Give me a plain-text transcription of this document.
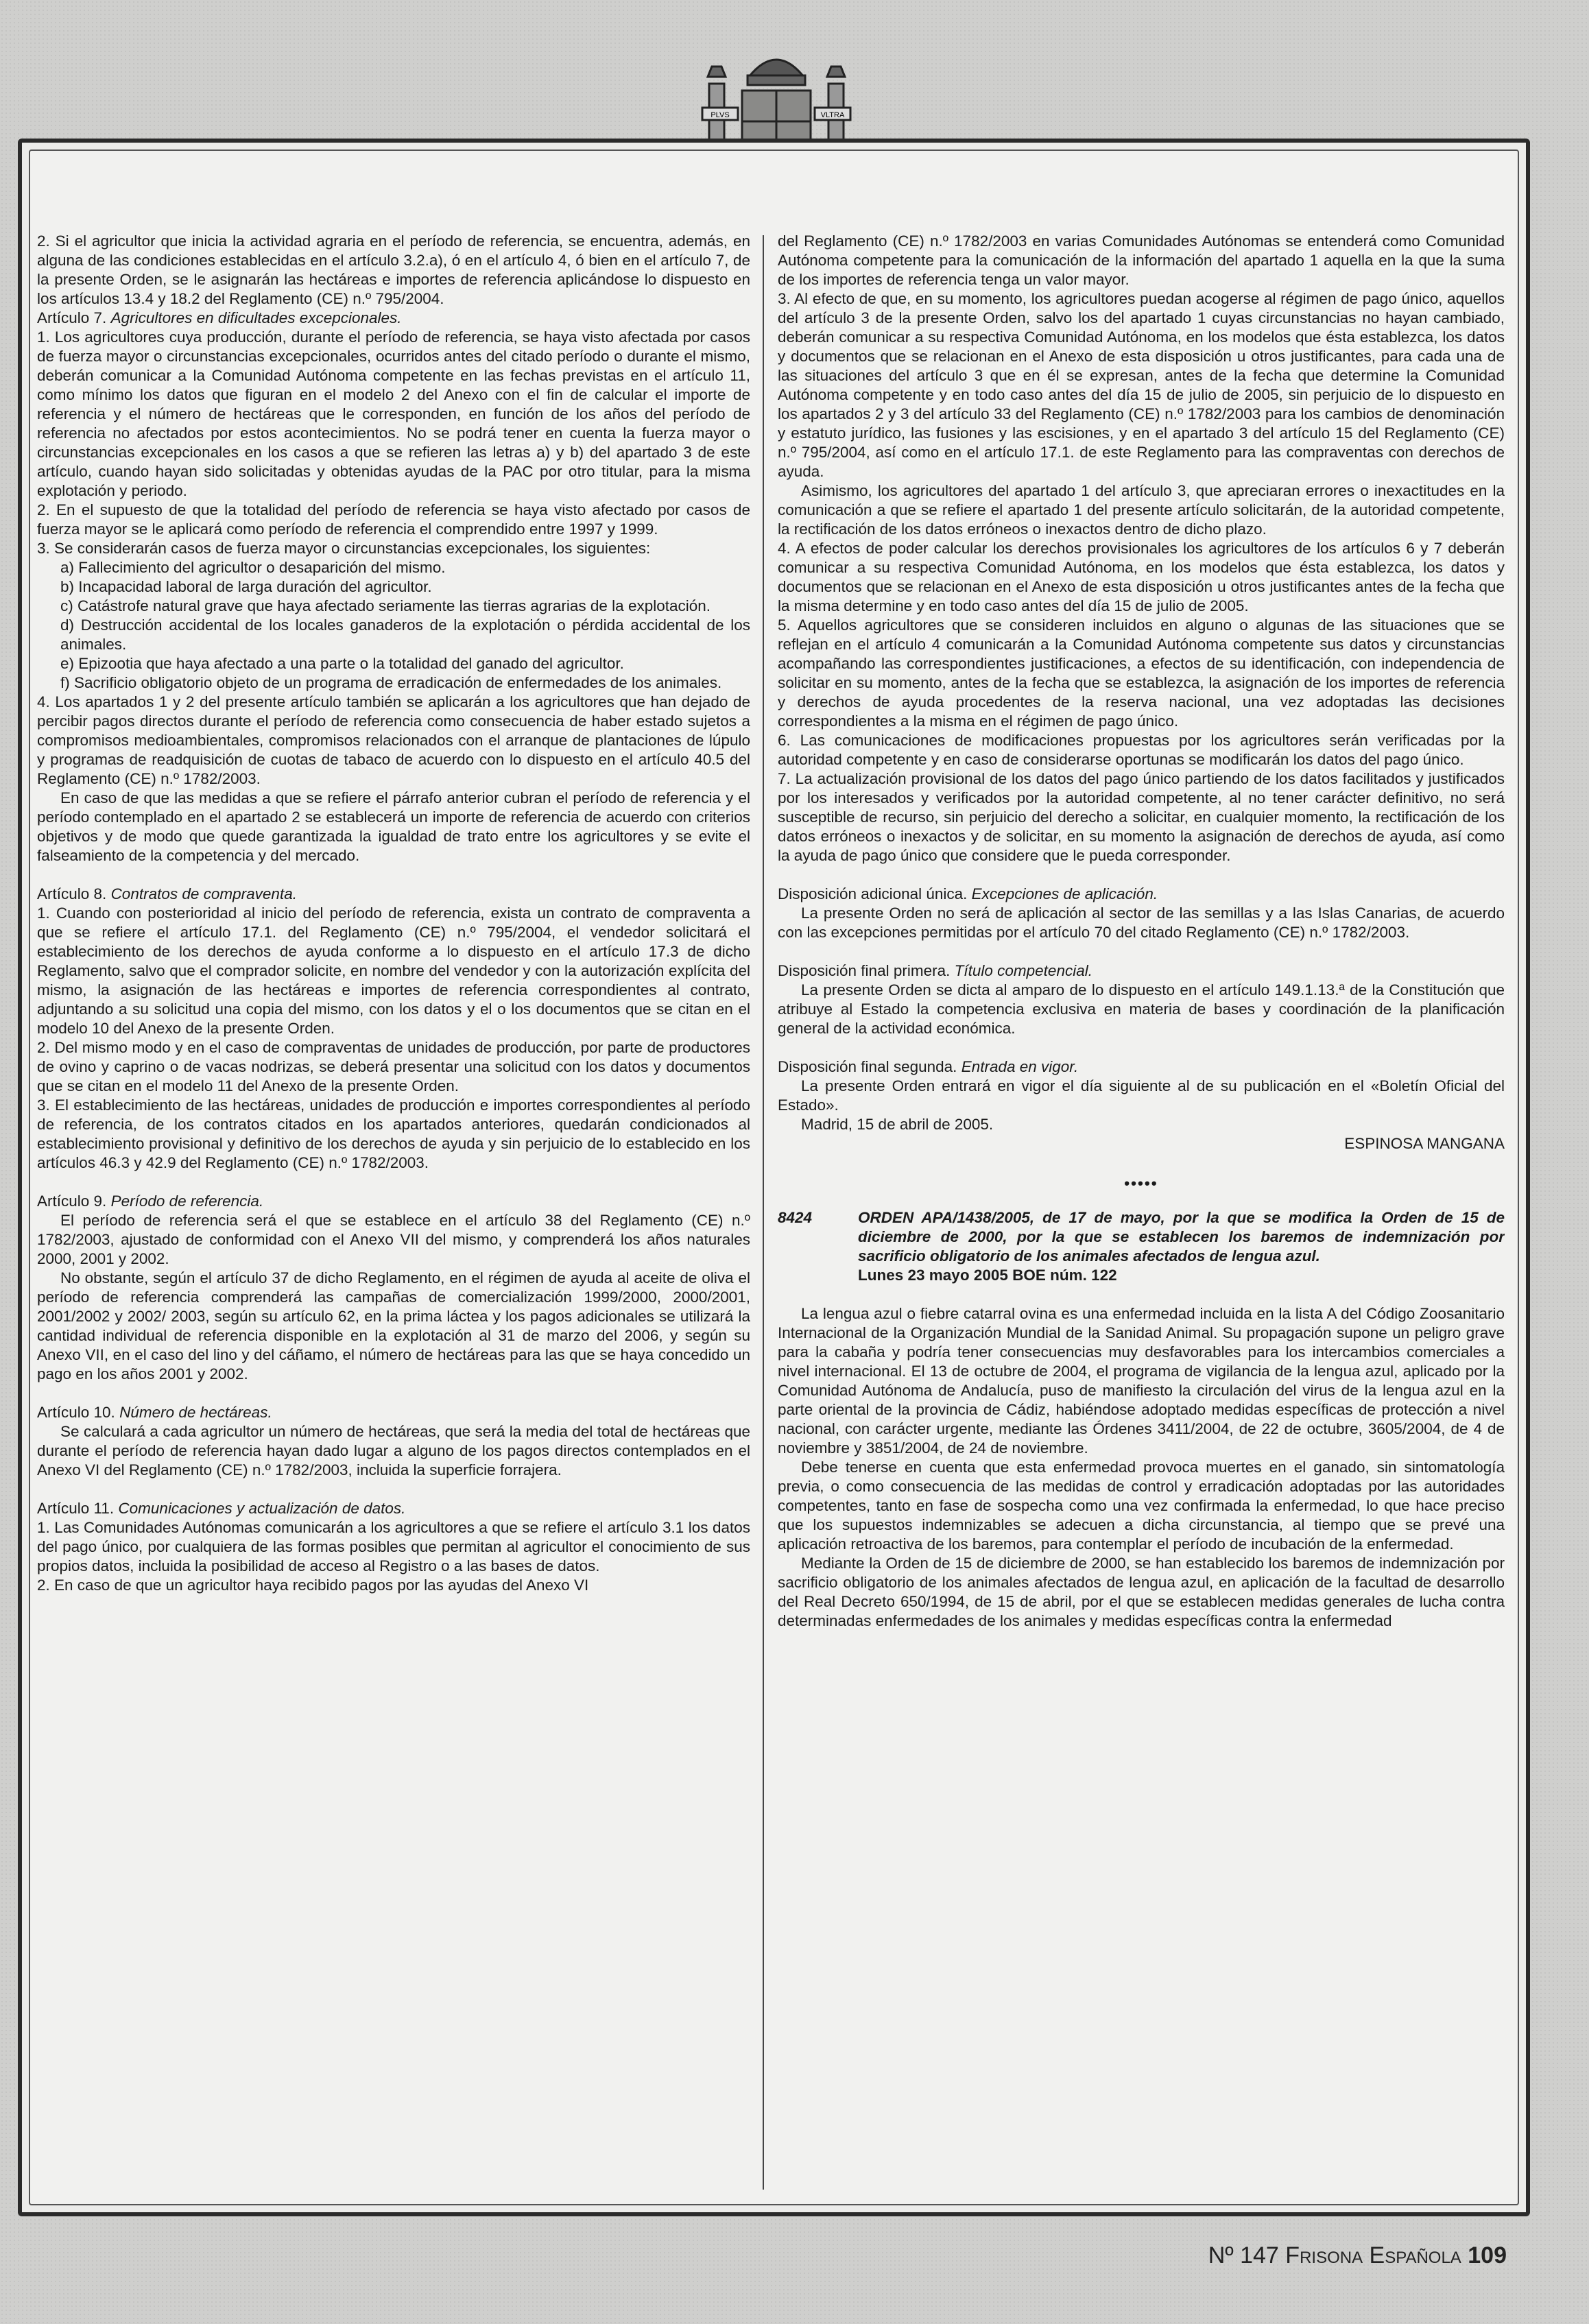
PLVS	VLTRA

2. Si el agricultor que inicia la actividad agraria en el período de referencia, se encuentra, además, en alguna de las condiciones establecidas en el artículo 3.2.a), ó en el artículo 4, ó bien en el artículo 7, de la presente Orden, se le asignarán las hectáreas e importes de referencia aplicándose lo dispuesto en los artículos 13.4 y 18.2 del Reglamento (CE) n.º 795/2004.

Artículo 7. Agricultores en dificultades excepcionales.

1. Los agricultores cuya producción, durante el período de referencia, se haya visto afectada por casos de fuerza mayor o circunstancias excepcionales, ocurridos antes del citado período o durante el mismo, deberán comunicar a la Comunidad Autónoma competente en las fechas previstas en el artículo 11, como mínimo los datos que figuran en el modelo 2 del Anexo con el fin de calcular el importe de referencia y el número de hectáreas que le corresponden, en función de los años del período de referencia no afectados por estos acontecimientos. No se podrá tener en cuenta la fuerza mayor o circunstancias excepcionales en los casos a que se refieren las letras a) y b) del apartado 3 de este artículo, cuando hayan sido solicitadas y obtenidas ayudas de la PAC por otro titular, para la misma explotación y periodo.

2. En el supuesto de que la totalidad del período de referencia se haya visto afectado por casos de fuerza mayor se le aplicará como período de referencia el comprendido entre 1997 y 1999.

3. Se considerarán casos de fuerza mayor o circunstancias excepcionales, los siguientes:

a) Fallecimiento del agricultor o desaparición del mismo.

b) Incapacidad laboral de larga duración del agricultor.

c) Catástrofe natural grave que haya afectado seriamente las tierras agrarias de la explotación.

d) Destrucción accidental de los locales ganaderos de la explotación o pérdida accidental de los animales.

e) Epizootia que haya afectado a una parte o la totalidad del ganado del agricultor.

f) Sacrificio obligatorio objeto de un programa de erradicación de enfermedades de los animales.

4. Los apartados 1 y 2 del presente artículo también se aplicarán a los agricultores que han dejado de percibir pagos directos durante el período de referencia como consecuencia de haber estado sujetos a compromisos medioambientales, compromisos relacionados con el arranque de plantaciones de lúpulo y programas de readquisición de cuotas de tabaco de acuerdo con lo dispuesto en el artículo 40.5 del Reglamento (CE) n.º 1782/2003.

En caso de que las medidas a que se refiere el párrafo anterior cubran el período de referencia y el período contemplado en el apartado 2 se establecerá un importe de referencia de acuerdo con criterios objetivos y de modo que quede garantizada la igualdad de trato entre los agricultores y se evite el falseamiento de la competencia y del mercado.

Artículo 8. Contratos de compraventa.

1. Cuando con posterioridad al inicio del período de referencia, exista un contrato de compraventa a que se refiere el artículo 17.1. del Reglamento (CE) n.º 795/2004, el vendedor solicitará el establecimiento de los derechos de ayuda conforme a lo dispuesto en el artículo 17.3 de dicho Reglamento, salvo que el comprador solicite, en nombre del vendedor y con la autorización explícita del mismo, la asignación de las hectáreas e importes de referencia correspondientes al contrato, adjuntando a su solicitud una copia del mismo, con los datos y el o los documentos que se citan en el modelo 10 del Anexo de la presente Orden.

2. Del mismo modo y en el caso de compraventas de unidades de producción, por parte de productores de ovino y caprino o de vacas nodrizas, se deberá presentar una solicitud con los datos y documentos que se citan en el modelo 11 del Anexo de la presente Orden.

3. El establecimiento de las hectáreas, unidades de producción e importes correspondientes al período de referencia, de los contratos citados en los apartados anteriores, quedarán condicionados al establecimiento provisional y definitivo de los derechos de ayuda y sin perjuicio de lo establecido en los artículos 46.3 y 42.9 del Reglamento (CE) n.º 1782/2003.

Artículo 9. Período de referencia.

El período de referencia será el que se establece en el artículo 38 del Reglamento (CE) n.º 1782/2003, ajustado de conformidad con el Anexo VII del mismo, y comprenderá los años naturales 2000, 2001 y 2002.

No obstante, según el artículo 37 de dicho Reglamento, en el régimen de ayuda al aceite de oliva el período de referencia comprenderá las campañas de comercialización 1999/2000, 2000/2001, 2001/2002 y 2002/ 2003, según su artículo 62, en la prima láctea y los pagos adicionales se utilizará la cantidad individual de referencia disponible en la explotación al 31 de marzo del 2006, y según su Anexo VII, en el caso del lino y del cáñamo, el número de hectáreas para las que se haya concedido un pago en los años 2001 y 2002.

Artículo 10. Número de hectáreas.

Se calculará a cada agricultor un número de hectáreas, que será la media del total de hectáreas que durante el período de referencia hayan dado lugar a alguno de los pagos directos contemplados en el Anexo VI del Reglamento (CE) n.º 1782/2003, incluida la superficie forrajera.

Artículo 11. Comunicaciones y actualización de datos.

1. Las Comunidades Autónomas comunicarán a los agricultores a que se refiere el artículo 3.1 los datos del pago único, por cualquiera de las formas posibles que permitan al agricultor el conocimiento de sus propios datos, incluida la posibilidad de acceso al Registro o a las bases de datos.

2. En caso de que un agricultor haya recibido pagos por las ayudas del Anexo VI

del Reglamento (CE) n.º 1782/2003 en varias Comunidades Autónomas se entenderá como Comunidad Autónoma competente para la comunicación de la información del apartado 1 aquella en la que la suma de los importes de referencia tenga un valor mayor.

3. Al efecto de que, en su momento, los agricultores puedan acogerse al régimen de pago único, aquellos del artículo 3 de la presente Orden, salvo los del apartado 1 cuyas circunstancias no hayan cambiado, deberán comunicar a su respectiva Comunidad Autónoma, en los modelos que ésta establezca, los datos y documentos que se relacionan en el Anexo de esta disposición u otros justificantes, para cada una de las situaciones del artículo 3 que en él se expresan, antes de la fecha que determine la Comunidad Autónoma competente y en todo caso antes del día 15 de julio de 2005, sin perjuicio de lo dispuesto en los apartados 2 y 3 del artículo 33 del Reglamento (CE) n.º 1782/2003 para los cambios de denominación y estatuto jurídico, las fusiones y las escisiones, y en el apartado 3 del artículo 15 del Reglamento (CE) n.º 795/2004, así como en el artículo 17.1. de este Reglamento para las compraventas con derechos de ayuda.

Asimismo, los agricultores del apartado 1 del artículo 3, que apreciaran errores o inexactitudes en la comunicación a que se refiere el apartado 1 del presente artículo solicitarán, de la autoridad competente, la rectificación de los datos erróneos o inexactos dentro de dicho plazo.

4. A efectos de poder calcular los derechos provisionales los agricultores de los artículos 6 y 7 deberán comunicar a su respectiva Comunidad Autónoma, en los modelos que ésta establezca, los datos y documentos que se relacionan en el Anexo de esta disposición u otros justificantes antes de la fecha que la misma determine y en todo caso antes del día 15 de julio de 2005.

5. Aquellos agricultores que se consideren incluidos en alguno o algunas de las situaciones que se reflejan en el artículo 4 comunicarán a la Comunidad Autónoma competente sus datos y circunstancias acompañando las correspondientes justificaciones, a efectos de su identificación, con independencia de solicitar en su momento, antes de la fecha que se establezca, la asignación de los importes de referencia y derechos de ayuda procedentes de la reserva nacional, una vez adoptadas las decisiones correspondientes a la misma en el régimen de pago único.

6. Las comunicaciones de modificaciones propuestas por los agricultores serán verificadas por la autoridad competente y en caso de considerarse oportunas se modificarán los datos del pago único.

7. La actualización provisional de los datos del pago único partiendo de los datos facilitados y justificados por los interesados y verificados por la autoridad competente, al no tener carácter definitivo, no será susceptible de recurso, sin perjuicio del derecho a solicitar, en cualquier momento, la rectificación de los datos erróneos o inexactos y de solicitar, en su momento la asignación de derechos de ayuda, así como la ayuda de pago único que considere que le pueda corresponder.

Disposición adicional única. Excepciones de aplicación.

La presente Orden no será de aplicación al sector de las semillas y a las Islas Canarias, de acuerdo con las excepciones permitidas por el artículo 70 del citado Reglamento (CE) n.º 1782/2003.

Disposición final primera. Título competencial.

La presente Orden se dicta al amparo de lo dispuesto en el artículo 149.1.13.ª de la Constitución que atribuye al Estado la competencia exclusiva en materia de bases y coordinación de la planificación general de la actividad económica.

Disposición final segunda. Entrada en vigor.

La presente Orden entrará en vigor el día siguiente al de su publicación en el «Boletín Oficial del Estado».

Madrid, 15 de abril de 2005.

ESPINOSA MANGANA

•••••

8424	ORDEN APA/1438/2005, de 17 de mayo, por la que se modifica la Orden de 15 de diciembre de 2000, por la que se establecen los baremos de indemnización por sacrificio obligatorio de los animales afectados de lengua azul.
Lunes 23 mayo 2005 BOE núm. 122

La lengua azul o fiebre catarral ovina es una enfermedad incluida en la lista A del Código Zoosanitario Internacional de la Organización Mundial de la Sanidad Animal. Su propagación supone un peligro grave para la cabaña y podría tener consecuencias muy desfavorables para los intercambios comerciales a nivel internacional. El 13 de octubre de 2004, el programa de vigilancia de la lengua azul, aplicado por la Comunidad Autónoma de Andalucía, puso de manifiesto la circulación del virus de la lengua azul en la parte oriental de la provincia de Cádiz, habiéndose adoptado medidas específicas de protección a nivel nacional, con carácter urgente, mediante las Órdenes 3411/2004, de 22 de octubre, 3605/2004, de 4 de noviembre y 3851/2004, de 24 de noviembre.

Debe tenerse en cuenta que esta enfermedad provoca muertes en el ganado, sin sintomatología previa, o como consecuencia de las medidas de control y erradicación adoptadas por las autoridades competentes, tanto en fase de sospecha como una vez confirmada la enfermedad, lo que hace preciso que los supuestos indemnizables se adecuen a dicha circunstancia, al tiempo que se prevé una aplicación retroactiva de los baremos, para contemplar el período de incubación de la enfermedad.

Mediante la Orden de 15 de diciembre de 2000, se han establecido los baremos de indemnización por sacrificio obligatorio de los animales afectados de lengua azul, en aplicación de la facultad de desarrollo del Real Decreto 650/1994, de 15 de abril, por el que se establecen medidas generales de lucha contra determinadas enfermedades de los animales y medidas específicas contra la enfermedad

Nº 147 Frisona Española 109
